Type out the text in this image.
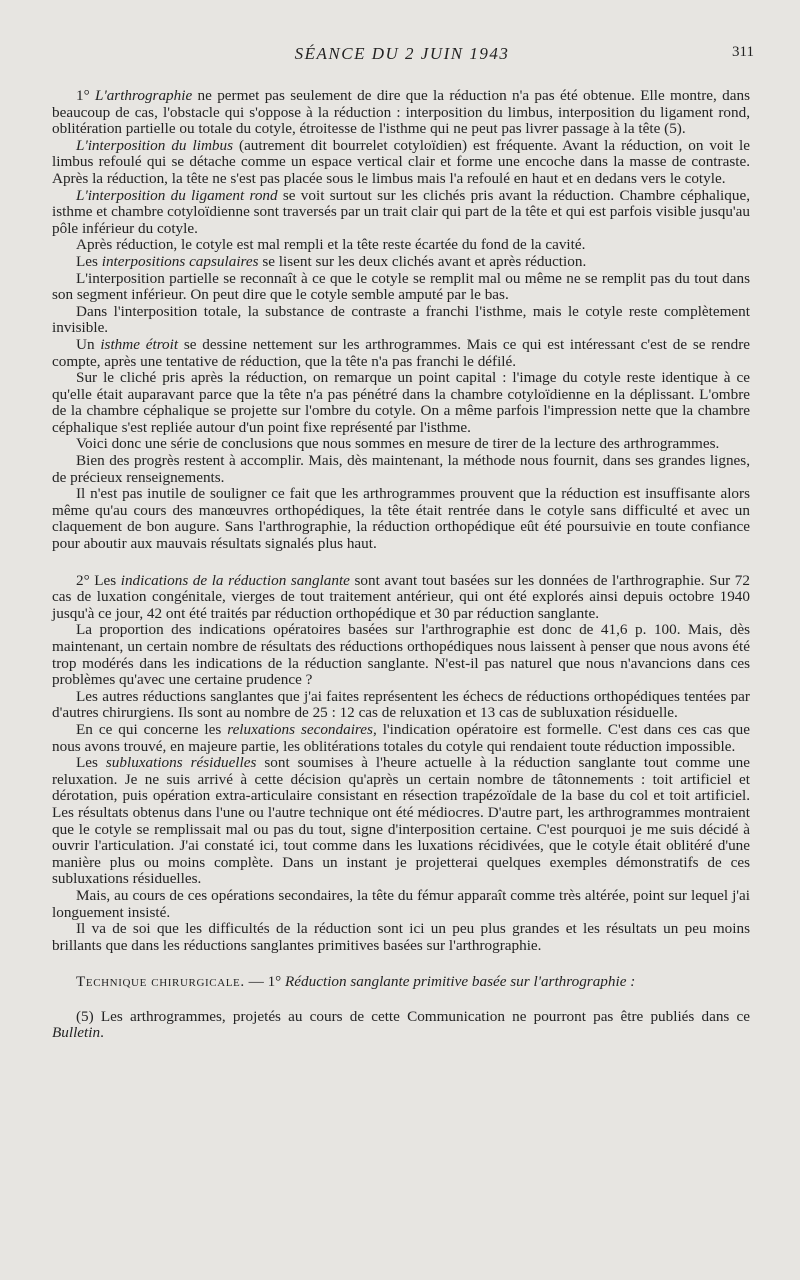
SÉANCE DU 2 JUIN 1943	311

1° L'arthrographie ne permet pas seulement de dire que la réduction n'a pas été obtenue. Elle montre, dans beaucoup de cas, l'obstacle qui s'oppose à la réduction : interposition du limbus, interposition du ligament rond, oblitération partielle ou totale du cotyle, étroitesse de l'isthme qui ne peut pas livrer passage à la tête (5).

L'interposition du limbus (autrement dit bourrelet cotyloïdien) est fréquente. Avant la réduction, on voit le limbus refoulé qui se détache comme un espace vertical clair et forme une encoche dans la masse de contraste. Après la réduction, la tête ne s'est pas placée sous le limbus mais l'a refoulé en haut et en dedans vers le cotyle.

L'interposition du ligament rond se voit surtout sur les clichés pris avant la réduction. Chambre céphalique, isthme et chambre cotyloïdienne sont traversés par un trait clair qui part de la tête et qui est parfois visible jusqu'au pôle inférieur du cotyle.

Après réduction, le cotyle est mal rempli et la tête reste écartée du fond de la cavité.

Les interpositions capsulaires se lisent sur les deux clichés avant et après réduction.

L'interposition partielle se reconnaît à ce que le cotyle se remplit mal ou même ne se remplit pas du tout dans son segment inférieur. On peut dire que le cotyle semble amputé par le bas.

Dans l'interposition totale, la substance de contraste a franchi l'isthme, mais le cotyle reste complètement invisible.

Un isthme étroit se dessine nettement sur les arthrogrammes. Mais ce qui est intéressant c'est de se rendre compte, après une tentative de réduction, que la tête n'a pas franchi le défilé.

Sur le cliché pris après la réduction, on remarque un point capital : l'image du cotyle reste identique à ce qu'elle était auparavant parce que la tête n'a pas pénétré dans la chambre cotyloïdienne en la déplissant. L'ombre de la chambre céphalique se projette sur l'ombre du cotyle. On a même parfois l'impression nette que la chambre céphalique s'est repliée autour d'un point fixe représenté par l'isthme.

Voici donc une série de conclusions que nous sommes en mesure de tirer de la lecture des arthrogrammes.

Bien des progrès restent à accomplir. Mais, dès maintenant, la méthode nous fournit, dans ses grandes lignes, de précieux renseignements.

Il n'est pas inutile de souligner ce fait que les arthrogrammes prouvent que la réduction est insuffisante alors même qu'au cours des manœuvres orthopédiques, la tête était rentrée dans le cotyle sans difficulté et avec un claquement de bon augure. Sans l'arthrographie, la réduction orthopédique eût été poursuivie en toute confiance pour aboutir aux mauvais résultats signalés plus haut.

2° Les indications de la réduction sanglante sont avant tout basées sur les données de l'arthrographie. Sur 72 cas de luxation congénitale, vierges de tout traitement antérieur, qui ont été explorés ainsi depuis octobre 1940 jusqu'à ce jour, 42 ont été traités par réduction orthopédique et 30 par réduction sanglante.

La proportion des indications opératoires basées sur l'arthrographie est donc de 41,6 p. 100. Mais, dès maintenant, un certain nombre de résultats des réductions orthopédiques nous laissent à penser que nous avons été trop modérés dans les indications de la réduction sanglante. N'est-il pas naturel que nous n'avancions dans ces problèmes qu'avec une certaine prudence ?

Les autres réductions sanglantes que j'ai faites représentent les échecs de réductions orthopédiques tentées par d'autres chirurgiens. Ils sont au nombre de 25 : 12 cas de reluxation et 13 cas de subluxation résiduelle.

En ce qui concerne les reluxations secondaires, l'indication opératoire est formelle. C'est dans ces cas que nous avons trouvé, en majeure partie, les oblitérations totales du cotyle qui rendaient toute réduction impossible.

Les subluxations résiduelles sont soumises à l'heure actuelle à la réduction sanglante tout comme une reluxation. Je ne suis arrivé à cette décision qu'après un certain nombre de tâtonnements : toit artificiel et dérotation, puis opération extra-articulaire consistant en résection trapézoïdale de la base du col et toit artificiel. Les résultats obtenus dans l'une ou l'autre technique ont été médiocres. D'autre part, les arthrogrammes montraient que le cotyle se remplissait mal ou pas du tout, signe d'interposition certaine. C'est pourquoi je me suis décidé à ouvrir l'articulation. J'ai constaté ici, tout comme dans les luxations récidivées, que le cotyle était oblitéré d'une manière plus ou moins complète. Dans un instant je projetterai quelques exemples démonstratifs de ces subluxations résiduelles.

Mais, au cours de ces opérations secondaires, la tête du fémur apparaît comme très altérée, point sur lequel j'ai longuement insisté.

Il va de soi que les difficultés de la réduction sont ici un peu plus grandes et les résultats un peu moins brillants que dans les réductions sanglantes primitives basées sur l'arthrographie.

Technique chirurgicale. — 1° Réduction sanglante primitive basée sur l'arthrographie :

(5) Les arthrogrammes, projetés au cours de cette Communication ne pourront pas être publiés dans ce Bulletin.
